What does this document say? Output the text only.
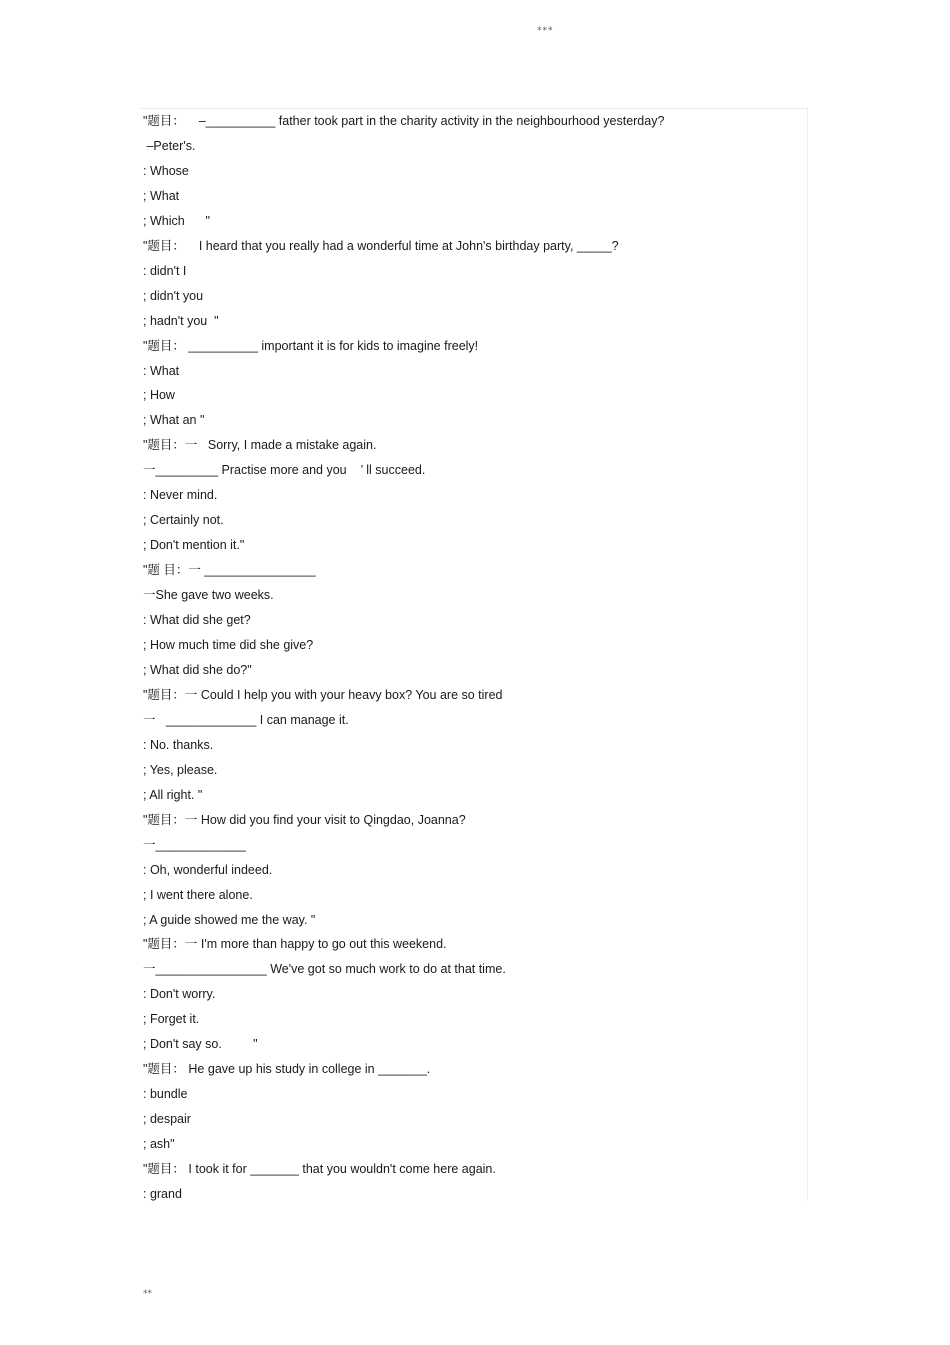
***
"题目：    –__________ father took part in the charity activity in the neighbourhood yesterday?
–Peter's.
: Whose
; What
; Which      "
"题目：    I heard that you really had a wonderful time at John's birthday party, _____?
: didn't I
; didn't you
; hadn't you  "
"题目： __________ important it is for kids to imagine freely!
: What
; How
; What an "
"题目：一   Sorry, I made a mistake again.
一_________ Practise more and you    ’ ll succeed.
: Never mind.
; Certainly not.
; Don't mention it."
"题 目：一 ________________
一She gave two weeks.
: What did she get?
; How much time did she give?
; What did she do?"
"题目：一 Could I help you with your heavy box? You are so tired
一   _____________ I can manage it.
: No. thanks.
; Yes, please.
; All right. "
"题目：一 How did you find your visit to Qingdao, Joanna?
一_____________
: Oh, wonderful indeed.
; I went there alone.
; A guide showed me the way. "
"题目：一 I'm more than happy to go out this weekend.
一________________ We've got so much work to do at that time.
: Don't worry.
; Forget it.
; Don't say so.         "
"题目： He gave up his study in college in _______.
: bundle
; despair
; ash"
"题目： I took it for _______ that you wouldn't come here again.
: grand
**
